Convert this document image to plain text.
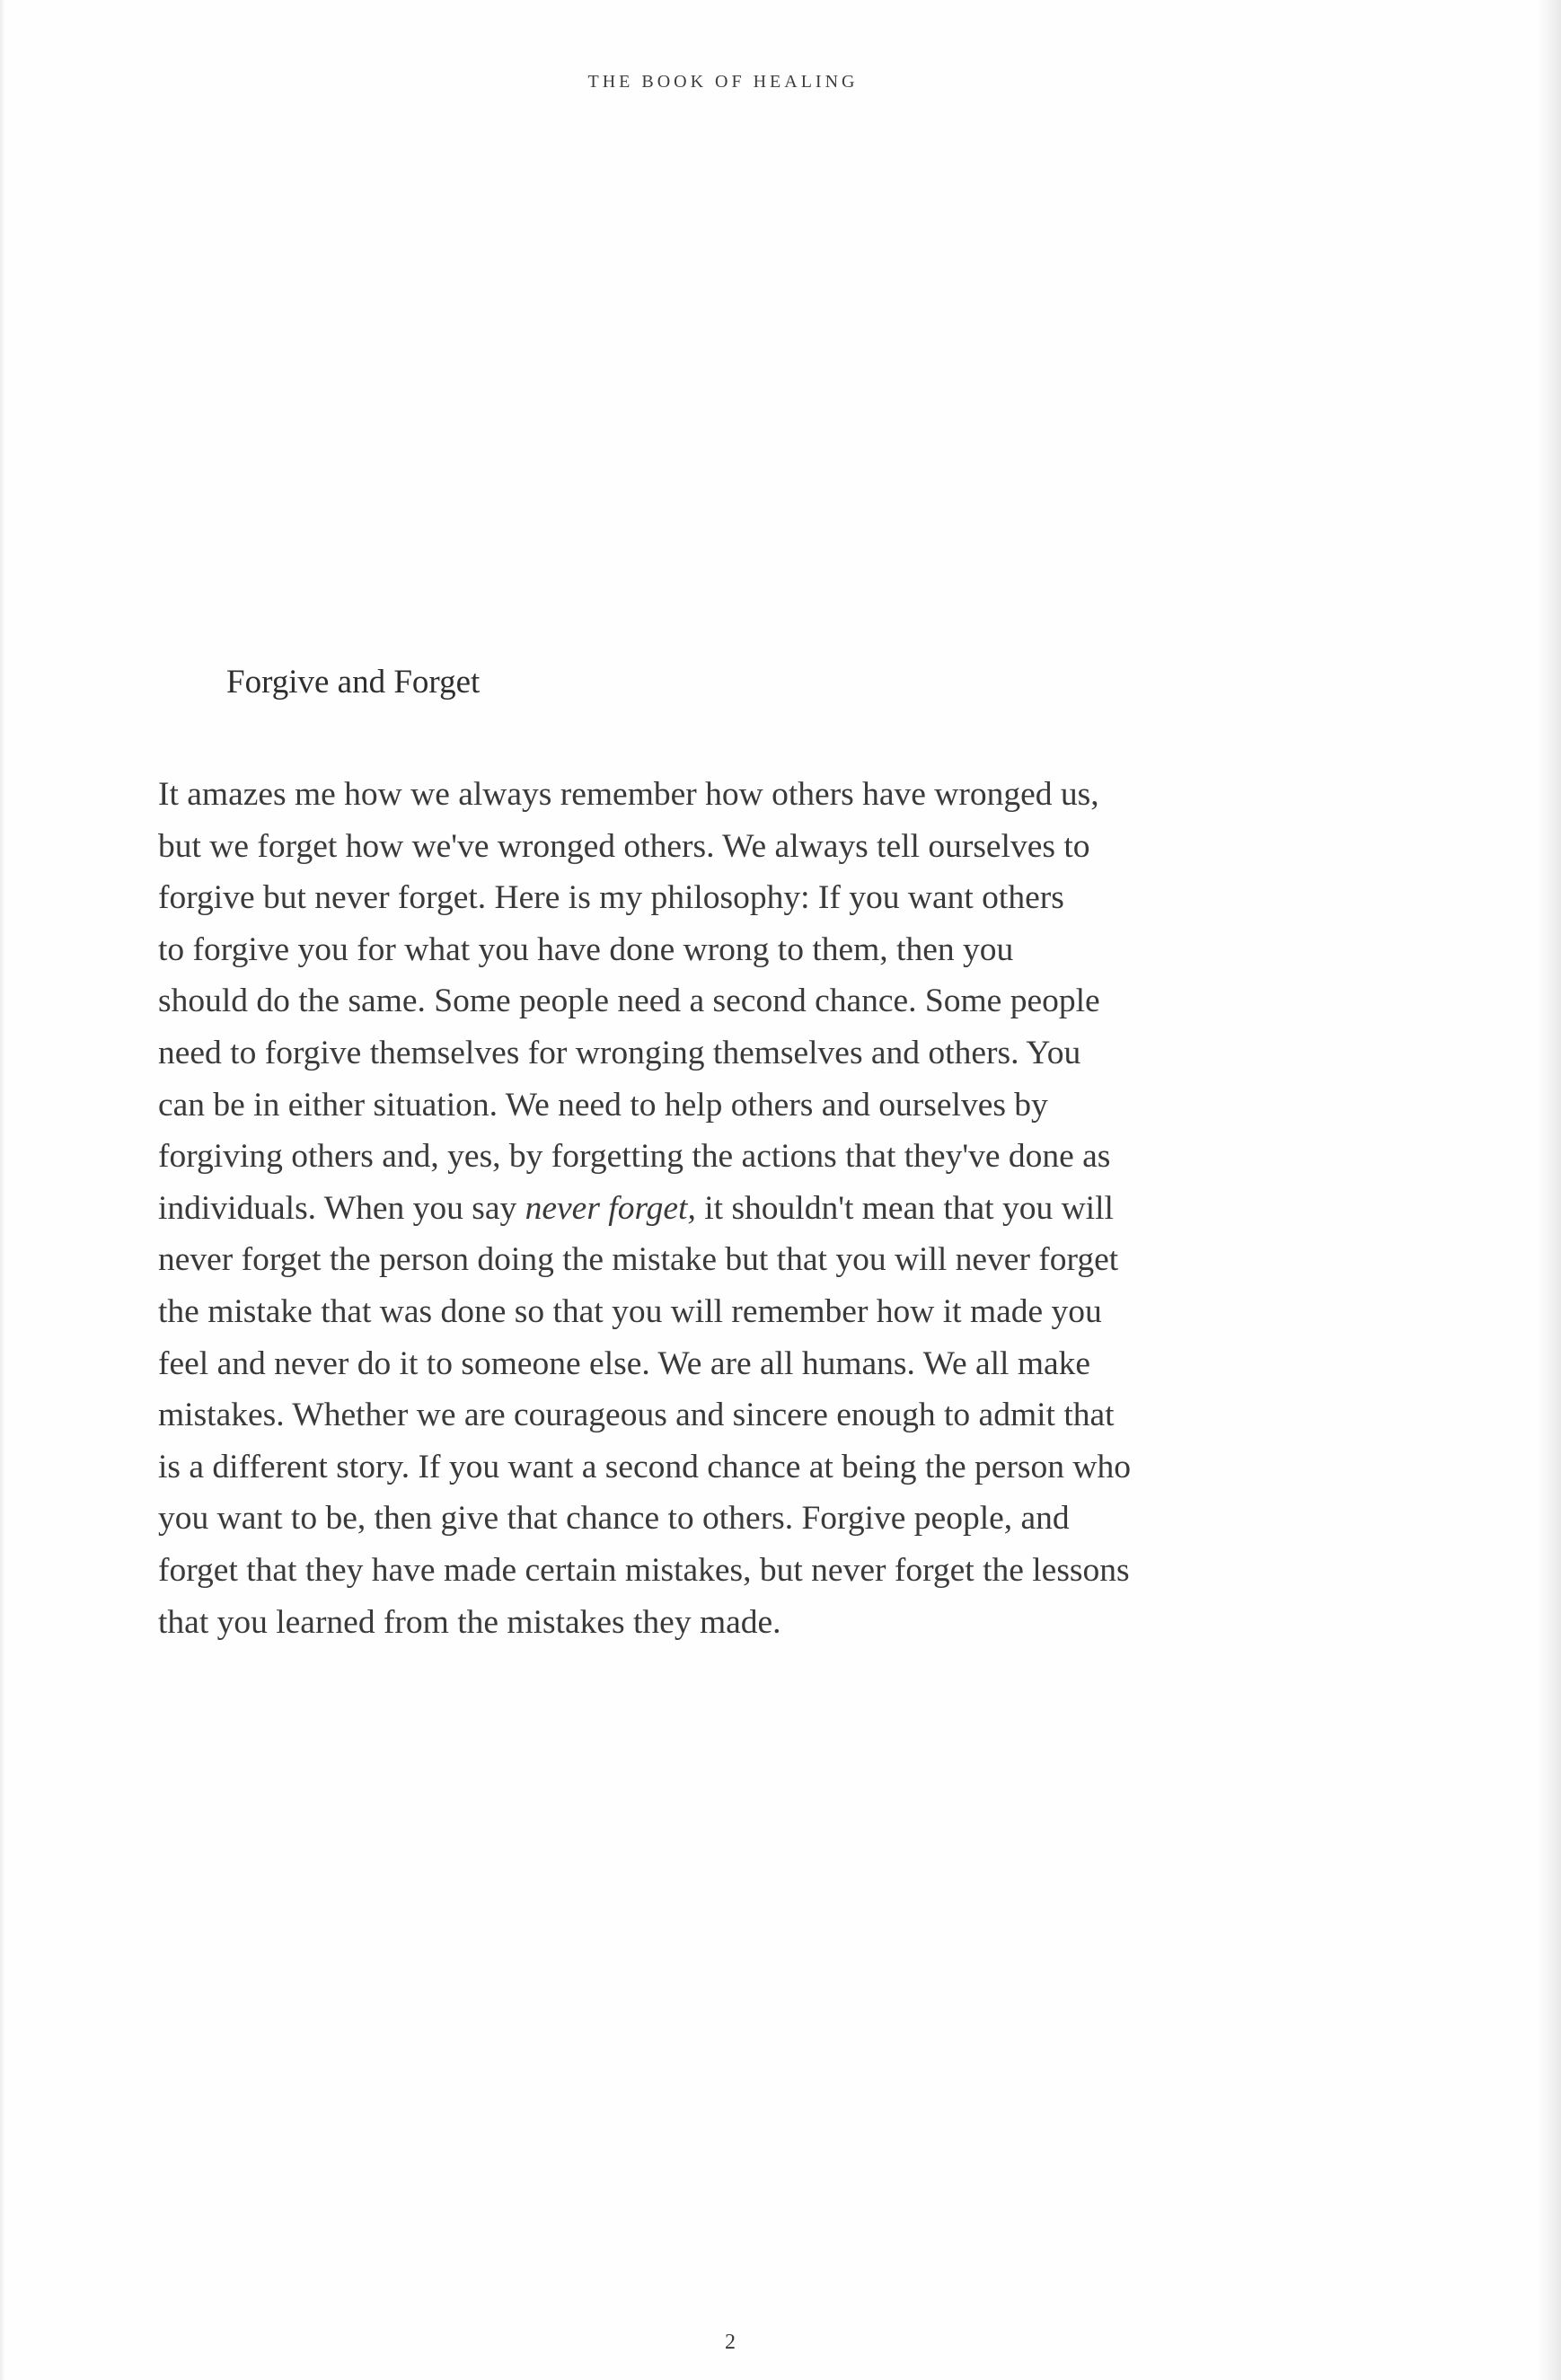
THE BOOK OF HEALING
Forgive and Forget
It amazes me how we always remember how others have wronged us,
but we forget how we've wronged others. We always tell ourselves to
forgive but never forget. Here is my philosophy: If you want others
to forgive you for what you have done wrong to them, then you
should do the same. Some people need a second chance. Some people
need to forgive themselves for wronging themselves and others. You
can be in either situation. We need to help others and ourselves by
forgiving others and, yes, by forgetting the actions that they've done as
individuals. When you say never forget, it shouldn't mean that you will
never forget the person doing the mistake but that you will never forget
the mistake that was done so that you will remember how it made you
feel and never do it to someone else. We are all humans. We all make
mistakes. Whether we are courageous and sincere enough to admit that
is a different story. If you want a second chance at being the person who
you want to be, then give that chance to others. Forgive people, and
forget that they have made certain mistakes, but never forget the lessons
that you learned from the mistakes they made.
2
